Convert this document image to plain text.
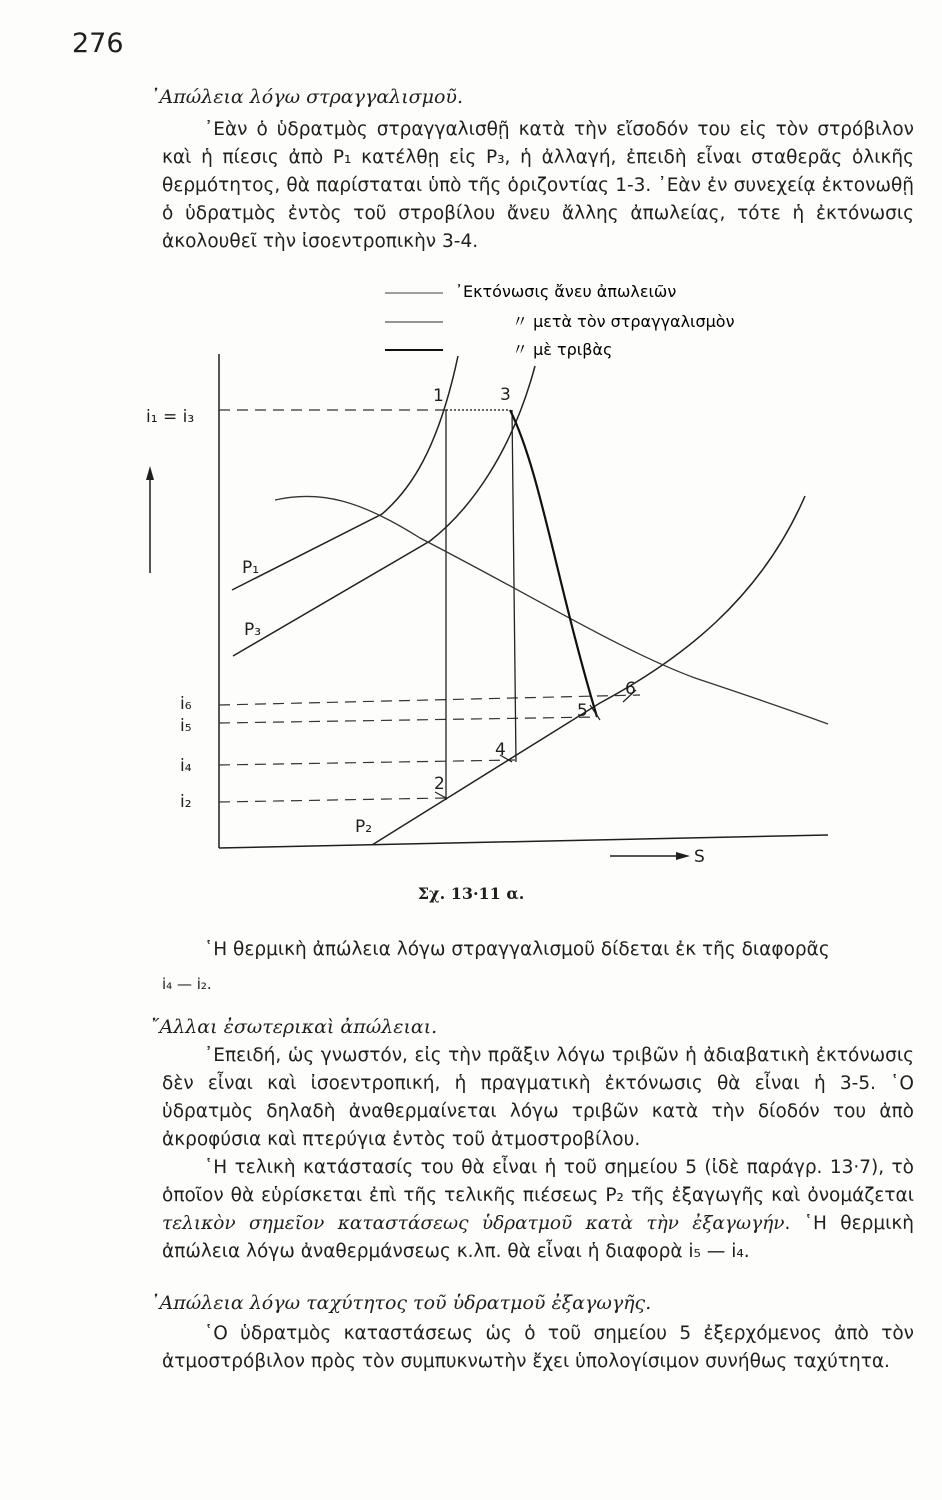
276
᾿Απώλεια λόγω στραγγαλισμοῦ.

᾿Εὰν ὁ ὑδρατμὸς στραγγαλισθῇ κατὰ τὴν εἴσοδόν του εἰς τὸν στρόβιλον καὶ ἡ πίεσις ἀπὸ P₁ κατέλθῃ εἰς P₃, ἡ ἀλλαγή, ἐπειδὴ εἶναι σταθερᾶς ὁλικῆς θερμότητος, θὰ παρίσταται ὑπὸ τῆς ὁριζοντίας 1-3. ᾿Εὰν ἐν συνεχείᾳ ἐκτονωθῇ ὁ ὑδρατμὸς ἐντὸς τοῦ στροβίλου ἄνευ ἄλλης ἀπωλείας, τότε ἡ ἐκτόνωσις ἀκολουθεῖ τὴν ἰσοεντροπικὴν 3-4.

᾿Εκτόνωσις ἄνευ ἀπωλειῶν
〃 μετὰ τὸν στραγγαλισμὸν
〃 μὲ τριβὰς
S
i₁ = i₃
i₆
i₅
i₄
i₂
P₁
P₃
P₂
1	3
2
4
5
6
Σχ. 13·11 α.

῾Η θερμικὴ ἀπώλεια λόγω στραγγαλισμοῦ δίδεται ἐκ τῆς διαφορᾶς

i₄ — i₂.
῎Αλλαι ἐσωτερικαὶ ἀπώλειαι.

᾿Επειδή, ὡς γνωστόν, εἰς τὴν πρᾶξιν λόγω τριβῶν ἡ ἀδιαβατικὴ ἐκτόνωσις δὲν εἶναι καὶ ἰσοεντροπική, ἡ πραγματικὴ ἐκτόνωσις θὰ εἶναι ἡ 3-5. ῾Ο ὑδρατμὸς δηλαδὴ ἀναθερμαίνεται λόγω τριβῶν κατὰ τὴν δίοδόν του ἀπὸ ἀκροφύσια καὶ πτερύγια ἐντὸς τοῦ ἀτμοστροβίλου.

῾Η τελικὴ κατάστασίς του θὰ εἶναι ἡ τοῦ σημείου 5 (ἰδὲ παράγρ. 13·7), τὸ ὁποῖον θὰ εὑρίσκεται ἐπὶ τῆς τελικῆς πιέσεως P₂ τῆς ἐξαγωγῆς καὶ ὀνομάζεται τελικὸν σημεῖον καταστάσεως ὑδρατμοῦ κατὰ τὴν ἐξαγωγήν. ῾Η θερμικὴ ἀπώλεια λόγω ἀναθερμάνσεως κ.λπ. θὰ εἶναι ἡ διαφορὰ i₅ — i₄.

᾿Απώλεια λόγω ταχύτητος τοῦ ὑδρατμοῦ ἐξαγωγῆς.

῾Ο ὑδρατμὸς καταστάσεως ὡς ὁ τοῦ σημείου 5 ἐξερχόμενος ἀπὸ τὸν ἀτμοστρόβιλον πρὸς τὸν συμπυκνωτὴν ἔχει ὑπολογίσιμον συνήθως ταχύτητα.
